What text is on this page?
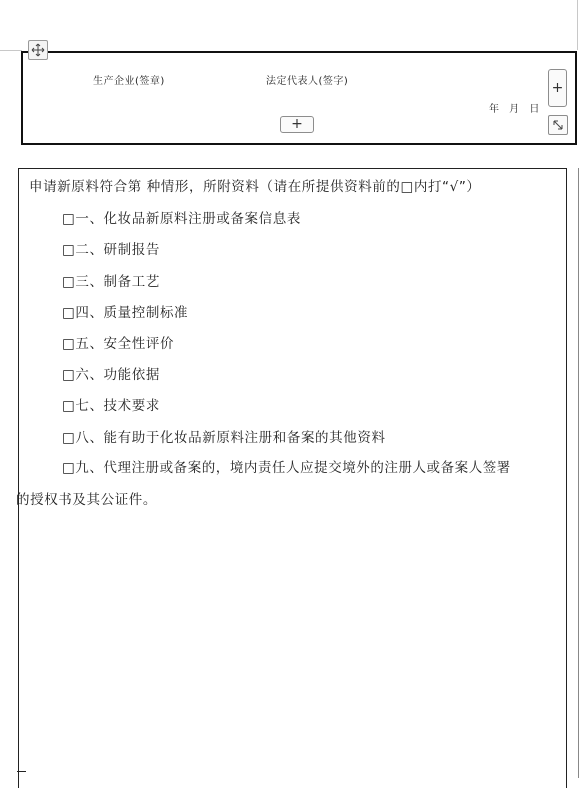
生产企业(签章)	法定代表人(签字)
年 月 日
+
+
申请新原料符合第 种情形，所附资料（请在所提供资料前的□内打“√”）
□一、化妆品新原料注册或备案信息表
□二、研制报告
□三、制备工艺
□四、质量控制标准
□五、安全性评价
□六、功能依据
□七、技术要求
□八、能有助于化妆品新原料注册和备案的其他资料
□九、代理注册或备案的，境内责任人应提交境外的注册人或备案人签署
的授权书及其公证件。
